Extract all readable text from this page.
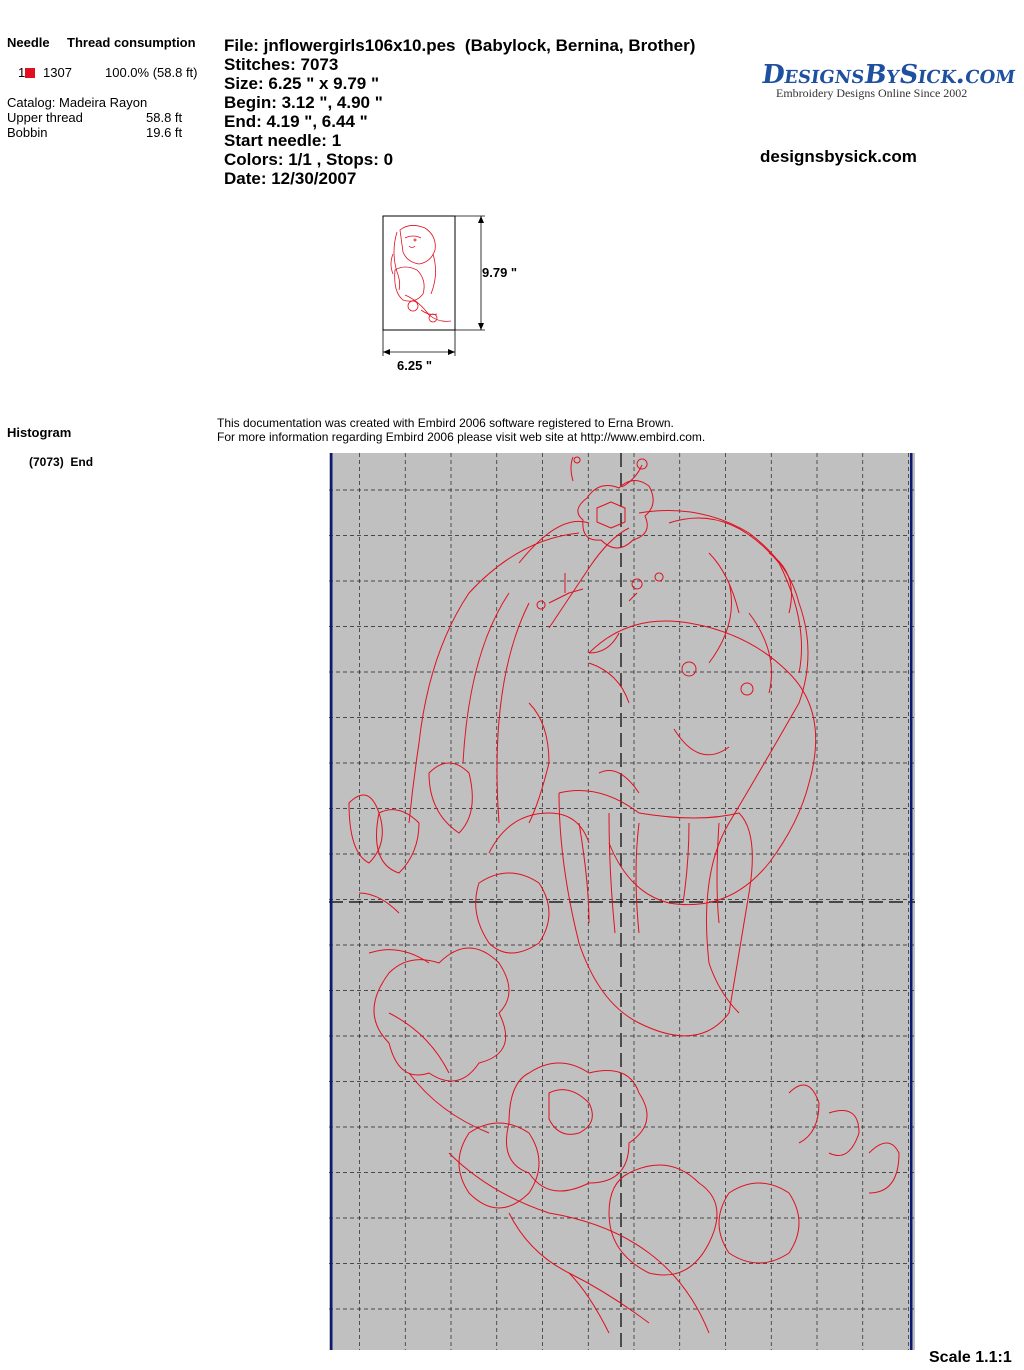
Needle Thread consumption
1	1307	100.0% (58.8 ft)
Catalog: Madeira Rayon
Upper thread	58.8 ft
Bobbin	19.6 ft
Histogram
(7073)  End
File: jnflowergirls106x10.pes  (Babylock, Bernina, Brother)
Stitches: 7073
Size: 6.25 " x 9.79 "
Begin: 3.12 ", 4.90 "
End: 4.19 ", 6.44 "
Start needle: 1
Colors: 1/1 , Stops: 0
Date: 12/30/2007
DesignsBySick.com
Embroidery Designs Online Since 2002
designsbysick.com
9.79 "
6.25 "
This documentation was created with Embird 2006 software registered to Erna Brown.
For more information regarding Embird 2006 please visit web site at http://www.embird.com.
Scale 1.1:1
